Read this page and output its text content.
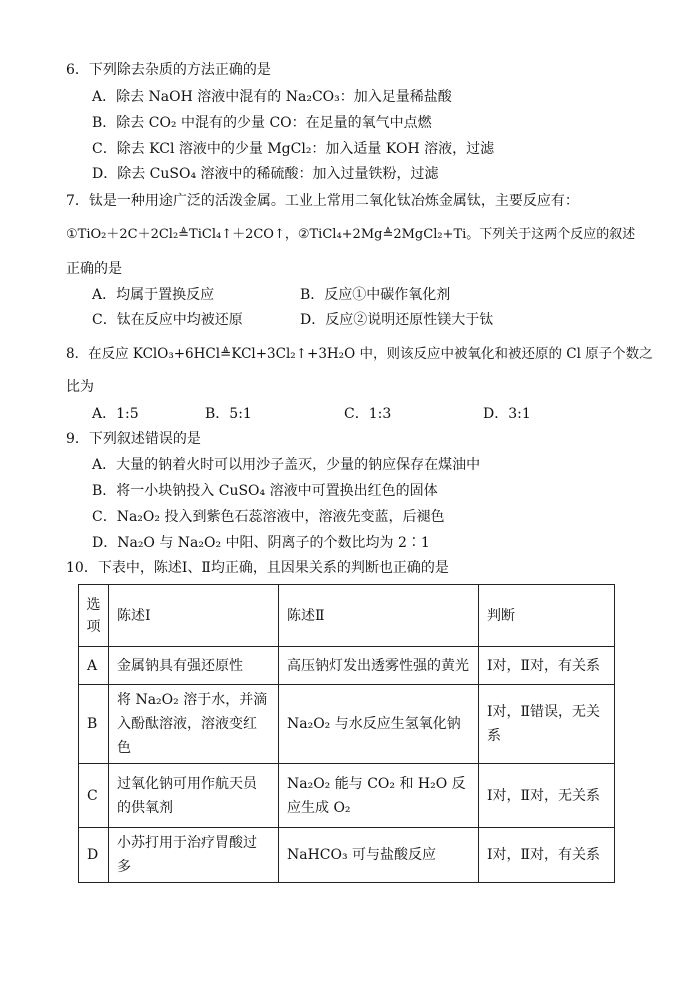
6．下列除去杂质的方法正确的是
A．除去 NaOH 溶液中混有的 Na₂CO₃：加入足量稀盐酸
B．除去 CO₂ 中混有的少量 CO：在足量的氧气中点燃
C．除去 KCl 溶液中的少量 MgCl₂：加入适量 KOH 溶液，过滤
D．除去 CuSO₄ 溶液中的稀硫酸：加入过量铁粉，过滤
7．钛是一种用途广泛的活泼金属。工业上常用二氧化钛冶炼金属钛，主要反应有：
①TiO₂＋2C＋2Cl₂≜TiCl₄↑＋2CO↑，②TiCl₄+2Mg≜2MgCl₂+Ti。下列关于这两个反应的叙述
正确的是
A．均属于置换反应	B．反应①中碳作氧化剂
C．钛在反应中均被还原	D．反应②说明还原性镁大于钛
8．在反应 KClO₃+6HCl≜KCl+3Cl₂↑+3H₂O 中，则该反应中被氧化和被还原的 Cl 原子个数之
比为
A．1:5	B．5:1	C．1:3	D．3:1
9．下列叙述错误的是
A．大量的钠着火时可以用沙子盖灭，少量的钠应保存在煤油中
B．将一小块钠投入 CuSO₄ 溶液中可置换出红色的固体
C．Na₂O₂ 投入到紫色石蕊溶液中，溶液先变蓝，后褪色
D．Na₂O 与 Na₂O₂ 中阳、阴离子的个数比均为 2∶1
10．下表中，陈述Ⅰ、Ⅱ均正确，且因果关系的判断也正确的是
选项	陈述Ⅰ	陈述Ⅱ	判断
A	金属钠具有强还原性	高压钠灯发出透雾性强的黄光	Ⅰ对，Ⅱ对，有关系
B	将 Na₂O₂ 溶于水，并滴入酚酞溶液，溶液变红色	Na₂O₂ 与水反应生氢氧化钠	Ⅰ对，Ⅱ错误，无关系
C	过氧化钠可用作航天员的供氧剂	Na₂O₂ 能与 CO₂ 和 H₂O 反应生成 O₂	Ⅰ对，Ⅱ对，无关系
D	小苏打用于治疗胃酸过多	NaHCO₃ 可与盐酸反应	Ⅰ对，Ⅱ对，有关系
